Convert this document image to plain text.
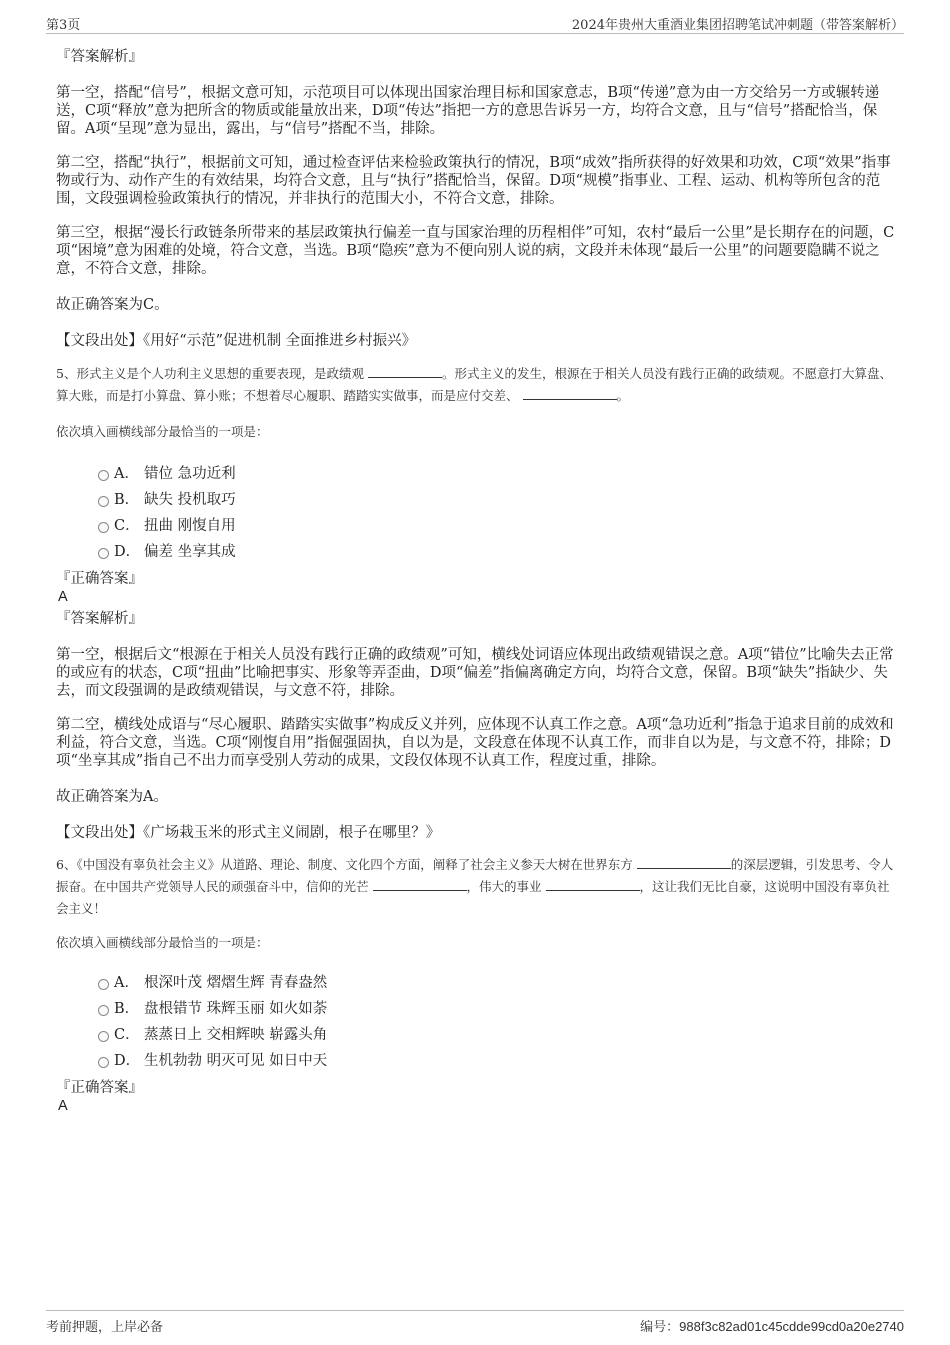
第3页	2024年贵州大重酒业集团招聘笔试冲刺题（带答案解析）

『答案解析』

第一空，搭配“信号”，根据文意可知，示范项目可以体现出国家治理目标和国家意志，B项“传递”意为由一方交给另一方或辗转递送，C项“释放”意为把所含的物质或能量放出来，D项“传达”指把一方的意思告诉另一方，均符合文意，且与“信号”搭配恰当，保留。A项“呈现”意为显出，露出，与“信号”搭配不当，排除。

第二空，搭配“执行”，根据前文可知，通过检查评估来检验政策执行的情况，B项“成效”指所获得的好效果和功效，C项“效果”指事物或行为、动作产生的有效结果，均符合文意，且与“执行”搭配恰当，保留。D项“规模”指事业、工程、运动、机构等所包含的范围，文段强调检验政策执行的情况，并非执行的范围大小，不符合文意，排除。

第三空，根据“漫长行政链条所带来的基层政策执行偏差一直与国家治理的历程相伴”可知，农村“最后一公里”是长期存在的问题，C项“困境”意为困难的处境，符合文意，当选。B项“隐疾”意为不便向别人说的病，文段并未体现“最后一公里”的问题要隐瞒不说之意，不符合文意，排除。

故正确答案为C。

【文段出处】《用好“示范”促进机制 全面推进乡村振兴》

5、形式主义是个人功利主义思想的重要表现，是政绩观	。形式主义的发生，根源在于相关人员没有践行正确的政绩观。不愿意打大算盘、算大账，而是打小算盘、算小账；不想着尽心履职、踏踏实实做事，而是应付交差、	。

依次填入画横线部分最恰当的一项是：

A． 错位 急功近利
B． 缺失 投机取巧
C． 扭曲 刚愎自用
D． 偏差 坐享其成

『正确答案』

A

『答案解析』

第一空，根据后文“根源在于相关人员没有践行正确的政绩观”可知，横线处词语应体现出政绩观错误之意。A项“错位”比喻失去正常的或应有的状态，C项“扭曲”比喻把事实、形象等弄歪曲，D项“偏差”指偏离确定方向，均符合文意，保留。B项“缺失”指缺少、失去，而文段强调的是政绩观错误，与文意不符，排除。

第二空，横线处成语与“尽心履职、踏踏实实做事”构成反义并列，应体现不认真工作之意。A项“急功近利”指急于追求目前的成效和利益，符合文意，当选。C项“刚愎自用”指倔强固执，自以为是，文段意在体现不认真工作，而非自以为是，与文意不符，排除；D项“坐享其成”指自己不出力而享受别人劳动的成果，文段仅体现不认真工作，程度过重，排除。

故正确答案为A。

【文段出处】《广场栽玉米的形式主义闹剧，根子在哪里？》

6、《中国没有辜负社会主义》从道路、理论、制度、文化四个方面，阐释了社会主义参天大树在世界东方	的深层逻辑，引发思考、令人振奋。在中国共产党领导人民的顽强奋斗中，信仰的光芒	，伟大的事业	，这让我们无比自豪，这说明中国没有辜负社会主义！

依次填入画横线部分最恰当的一项是：

A． 根深叶茂 熠熠生辉 青春盎然
B． 盘根错节 珠辉玉丽 如火如荼
C． 蒸蒸日上 交相辉映 崭露头角
D． 生机勃勃 明灭可见 如日中天

『正确答案』

A

考前押题，上岸必备	编号：988f3c82ad01c45cdde99cd0a20e2740
